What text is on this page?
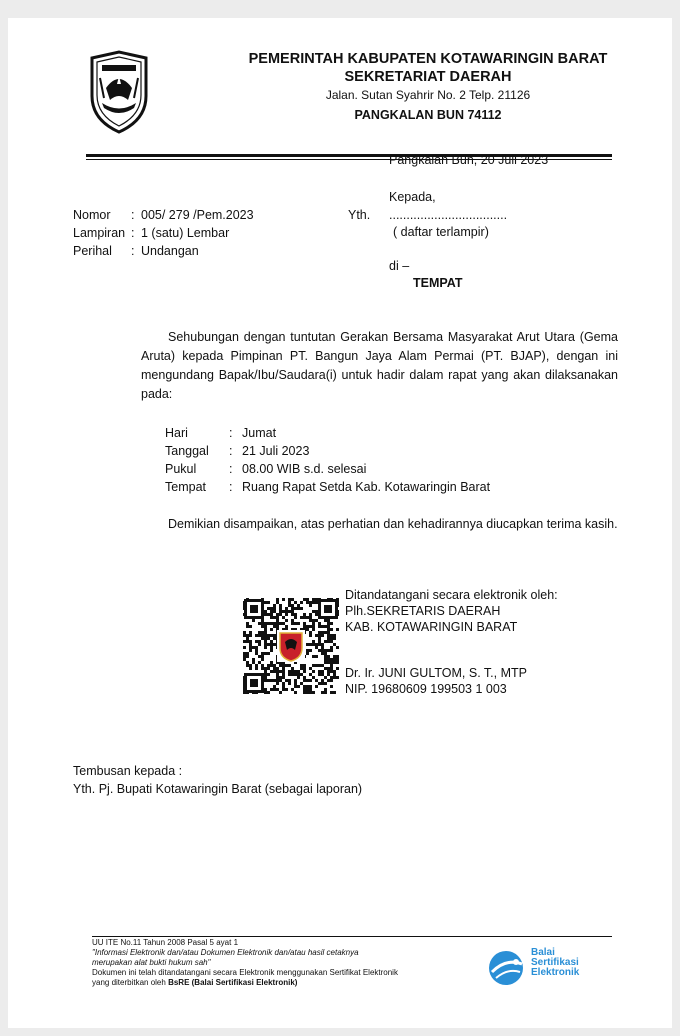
PEMERINTAH KABUPATEN KOTAWARINGIN BARAT
SEKRETARIAT DAERAH
Jalan. Sutan Syahrir No. 2 Telp. 21126
PANGKALAN BUN 74112
Pangkalan Bun, 20 Juli 2023
Kepada,
Nomor : 005/ 279 /Pem.2023
Lampiran : 1 (satu) Lembar
Perihal : Undangan
Yth. ..................................
( daftar terlampir)
di –
TEMPAT
Sehubungan dengan tuntutan Gerakan Bersama Masyarakat Arut Utara (Gema Aruta) kepada Pimpinan PT. Bangun Jaya Alam Permai (PT. BJAP), dengan ini mengundang Bapak/Ibu/Saudara(i) untuk hadir dalam rapat yang akan dilaksanakan pada:
Hari	: Jumat
Tanggal : 21 Juli 2023
Pukul	: 08.00 WIB s.d. selesai
Tempat : Ruang Rapat Setda Kab. Kotawaringin Barat
Demikian disampaikan, atas perhatian dan kehadirannya diucapkan terima kasih.
Ditandatangani secara elektronik oleh:
Plh.SEKRETARIS DAERAH
KAB. KOTAWARINGIN BARAT
Dr. Ir. JUNI GULTOM, S. T., MTP
NIP. 19680609 199503 1 003
Tembusan kepada :
Yth. Pj. Bupati Kotawaringin Barat (sebagai laporan)
UU ITE No.11 Tahun 2008 Pasal 5 ayat 1
"Informasi Elektronik dan/atau Dokumen Elektronik dan/atau hasil cetaknya
merupakan alat bukti hukum sah"
Dokumen ini telah ditandatangani secara Elektronik menggunakan Sertifikat Elektronik
yang diterbitkan oleh BsRE (Balai Sertifikasi Elektronik)
Balai
Sertifikasi
Elektronik
